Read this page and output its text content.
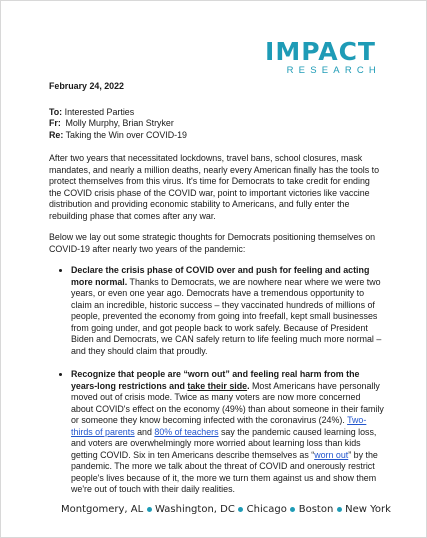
IMPACT
RESEARCH
February 24, 2022
To: Interested Parties
Fr: Molly Murphy, Brian Stryker
Re: Taking the Win over COVID-19

After two years that necessitated lockdowns, travel bans, school closures, mask mandates, and nearly a million deaths, nearly every American finally has the tools to protect themselves from this virus. It's time for Democrats to take credit for ending the COVID crisis phase of the COVID war, point to important victories like vaccine distribution and providing economic stability to Americans, and fully enter the rebuilding phase that comes after any war.

Below we lay out some strategic thoughts for Democrats positioning themselves on COVID-19 after nearly two years of the pandemic:

• Declare the crisis phase of COVID over and push for feeling and acting more normal. Thanks to Democrats, we are nowhere near where we were two years, or even one year ago. Democrats have a tremendous opportunity to claim an incredible, historic success – they vaccinated hundreds of millions of people, prevented the economy from going into freefall, kept small businesses from going under, and got people back to work safely. Because of President Biden and Democrats, we CAN safely return to life feeling much more normal – and they should claim that proudly.
• Recognize that people are “worn out” and feeling real harm from the years-long restrictions and take their side. Most Americans have personally moved out of crisis mode. Twice as many voters are now more concerned about COVID's effect on the economy (49%) than about someone in their family or someone they know becoming infected with the coronavirus (24%). Two-thirds of parents and 80% of teachers say the pandemic caused learning loss, and voters are overwhelmingly more worried about learning loss than kids getting COVID. Six in ten Americans describe themselves as “worn out” by the pandemic. The more we talk about the threat of COVID and onerously restrict people's lives because of it, the more we turn them against us and show them we're out of touch with their daily realities.
Montgomery, AL Washington, DC Chicago Boston New York
